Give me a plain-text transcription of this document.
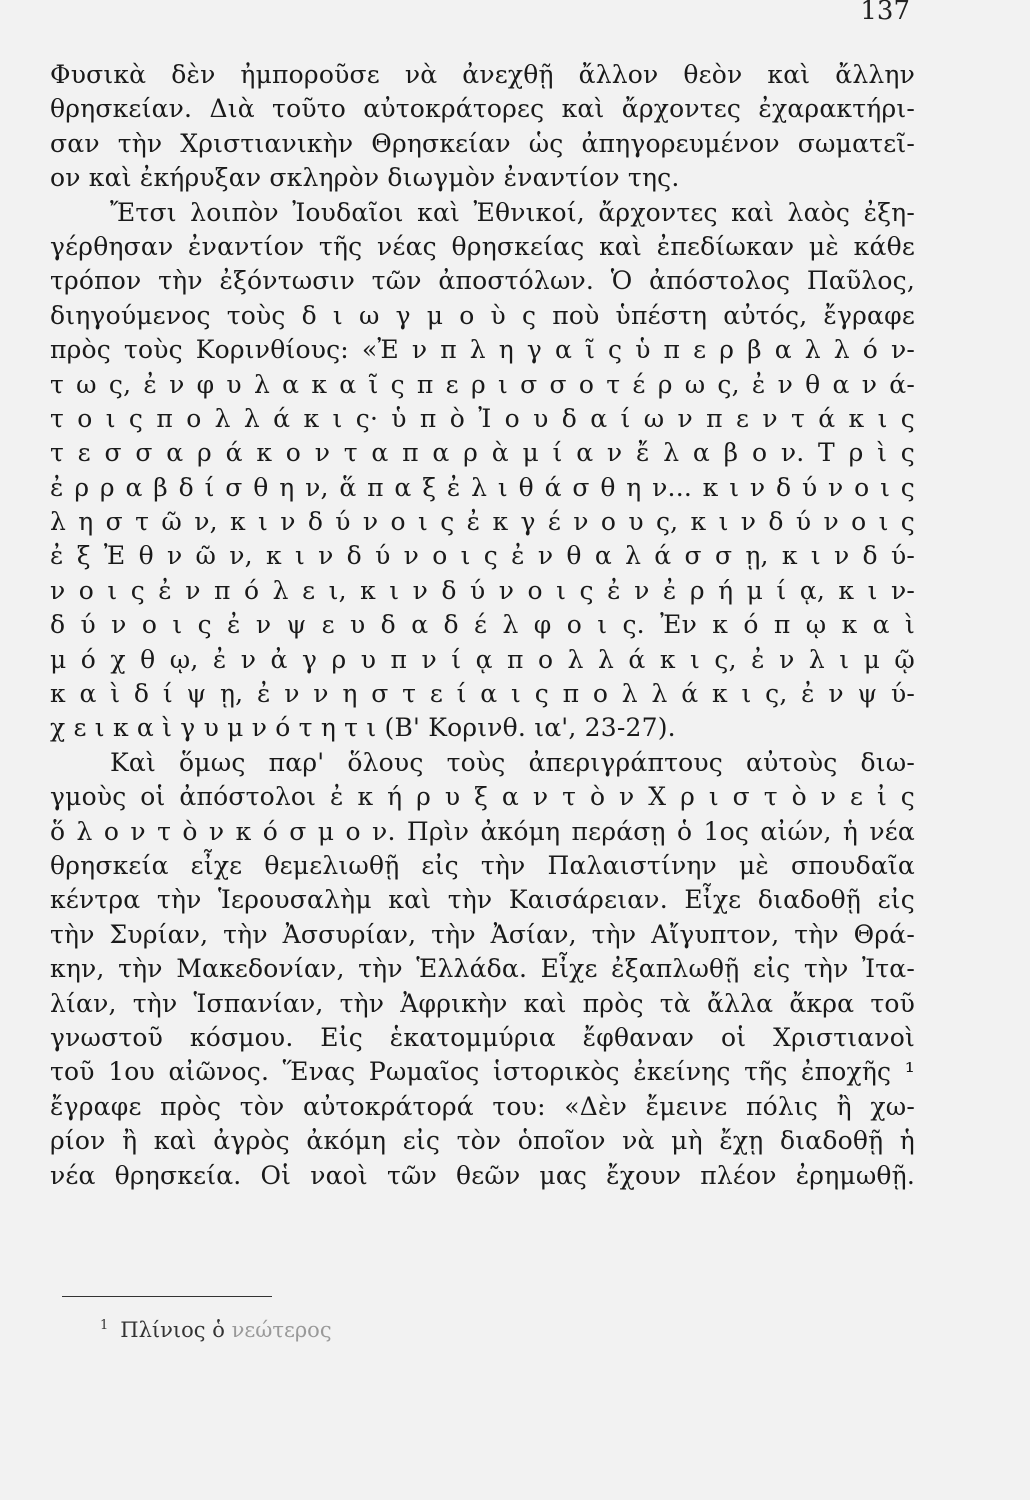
137
Φυσικὰ δὲν ἠμποροῦσε νὰ ἀνεχθῇ ἄλλον θεὸν καὶ ἄλλην
θρησκείαν. Διὰ τοῦτο αὐτοκράτορες καὶ ἄρχοντες ἐχαρακτήρι-
σαν τὴν Χριστιανικὴν Θρησκείαν ὡς ἀπηγορευμένον σωματεῖ-
ον καὶ ἐκήρυξαν σκληρὸν διωγμὸν ἐναντίον της.
Ἔτσι λοιπὸν Ἰουδαῖοι καὶ Ἐθνικοί, ἄρχοντες καὶ λαὸς ἐξη-
γέρθησαν ἐναντίον τῆς νέας θρησκείας καὶ ἐπεδίωκαν μὲ κάθε
τρόπον τὴν ἐξόντωσιν τῶν ἀποστόλων. Ὁ ἀπόστολος Παῦλος,
διηγούμενος τοὺς δ ι ω γ μ ο ὺ ς ποὺ ὑπέστη αὐτός, ἔγραφε
πρὸς τοὺς Κορινθίους: «Ἐ ν π λ η γ α ῖ ς ὑ π ε ρ β α λ λ ό ν-
τ ω ς, ἐ ν φ υ λ α κ α ῖ ς π ε ρ ι σ σ ο τ έ ρ ω ς, ἐ ν θ α ν ά-
τ ο ι ς π ο λ λ ά κ ι ς· ὑ π ὸ Ἰ ο υ δ α ί ω ν π ε ν τ ά κ ι ς
τ ε σ σ α ρ ά κ ο ν τ α π α ρ ὰ μ ί α ν ἔ λ α β ο ν. Τ ρ ὶ ς
ἐ ρ ρ α β δ ί σ θ η ν, ἅ π α ξ ἐ λ ι θ ά σ θ η ν... κ ι ν δ ύ ν ο ι ς
λ η σ τ ῶ ν, κ ι ν δ ύ ν ο ι ς ἐ κ γ έ ν ο υ ς, κ ι ν δ ύ ν ο ι ς
ἐ ξ Ἐ θ ν ῶ ν, κ ι ν δ ύ ν ο ι ς ἐ ν θ α λ ά σ σ ῃ, κ ι ν δ ύ-
ν ο ι ς ἐ ν π ό λ ε ι, κ ι ν δ ύ ν ο ι ς ἐ ν ἐ ρ ή μ ί ᾳ, κ ι ν-
δ ύ ν ο ι ς ἐ ν ψ ε υ δ α δ έ λ φ ο ι ς. Ἐν κ ό π ῳ κ α ὶ
μ ό χ θ ῳ, ἐ ν ἀ γ ρ υ π ν ί ᾳ π ο λ λ ά κ ι ς, ἐ ν λ ι μ ῷ
κ α ὶ δ ί ψ ῃ, ἐ ν ν η σ τ ε ί α ι ς π ο λ λ ά κ ι ς, ἐ ν ψ ύ-
χ ε ι κ α ὶ γ υ μ ν ό τ η τ ι (Β' Κορινθ. ια', 23-27).
Καὶ ὅμως παρ' ὅλους τοὺς ἀπεριγράπτους αὐτοὺς διω-
γμοὺς οἱ ἀπόστολοι ἐ κ ή ρ υ ξ α ν τ ὸ ν Χ ρ ι σ τ ὸ ν ε ἰ ς
ὅ λ ο ν τ ὸ ν κ ό σ μ ο ν. Πρὶν ἀκόμη περάσῃ ὁ 1ος αἰών, ἡ νέα
θρησκεία εἶχε θεμελιωθῇ εἰς τὴν Παλαιστίνην μὲ σπουδαῖα
κέντρα τὴν Ἱερουσαλὴμ καὶ τὴν Καισάρειαν. Εἶχε διαδοθῇ εἰς
τὴν Συρίαν, τὴν Ἀσσυρίαν, τὴν Ἀσίαν, τὴν Αἴγυπτον, τὴν Θρά-
κην, τὴν Μακεδονίαν, τὴν Ἑλλάδα. Εἶχε ἐξαπλωθῇ εἰς τὴν Ἰτα-
λίαν, τὴν Ἱσπανίαν, τὴν Ἀφρικὴν καὶ πρὸς τὰ ἄλλα ἄκρα τοῦ
γνωστοῦ κόσμου. Εἰς ἑκατομμύρια ἔφθαναν οἱ Χριστιανοὶ
τοῦ 1ου αἰῶνος. Ἕνας Ρωμαῖος ἱστορικὸς ἐκείνης τῆς ἐποχῆς ¹
ἔγραφε πρὸς τὸν αὐτοκράτορά του: «Δὲν ἔμεινε πόλις ἢ χω-
ρίον ἢ καὶ ἀγρὸς ἀκόμη εἰς τὸν ὁποῖον νὰ μὴ ἔχῃ διαδοθῇ ἡ
νέα θρησκεία. Οἱ ναοὶ τῶν θεῶν μας ἔχουν πλέον ἐρημωθῇ.
$^1$ Πλίνιος ὁ νεώτερος
